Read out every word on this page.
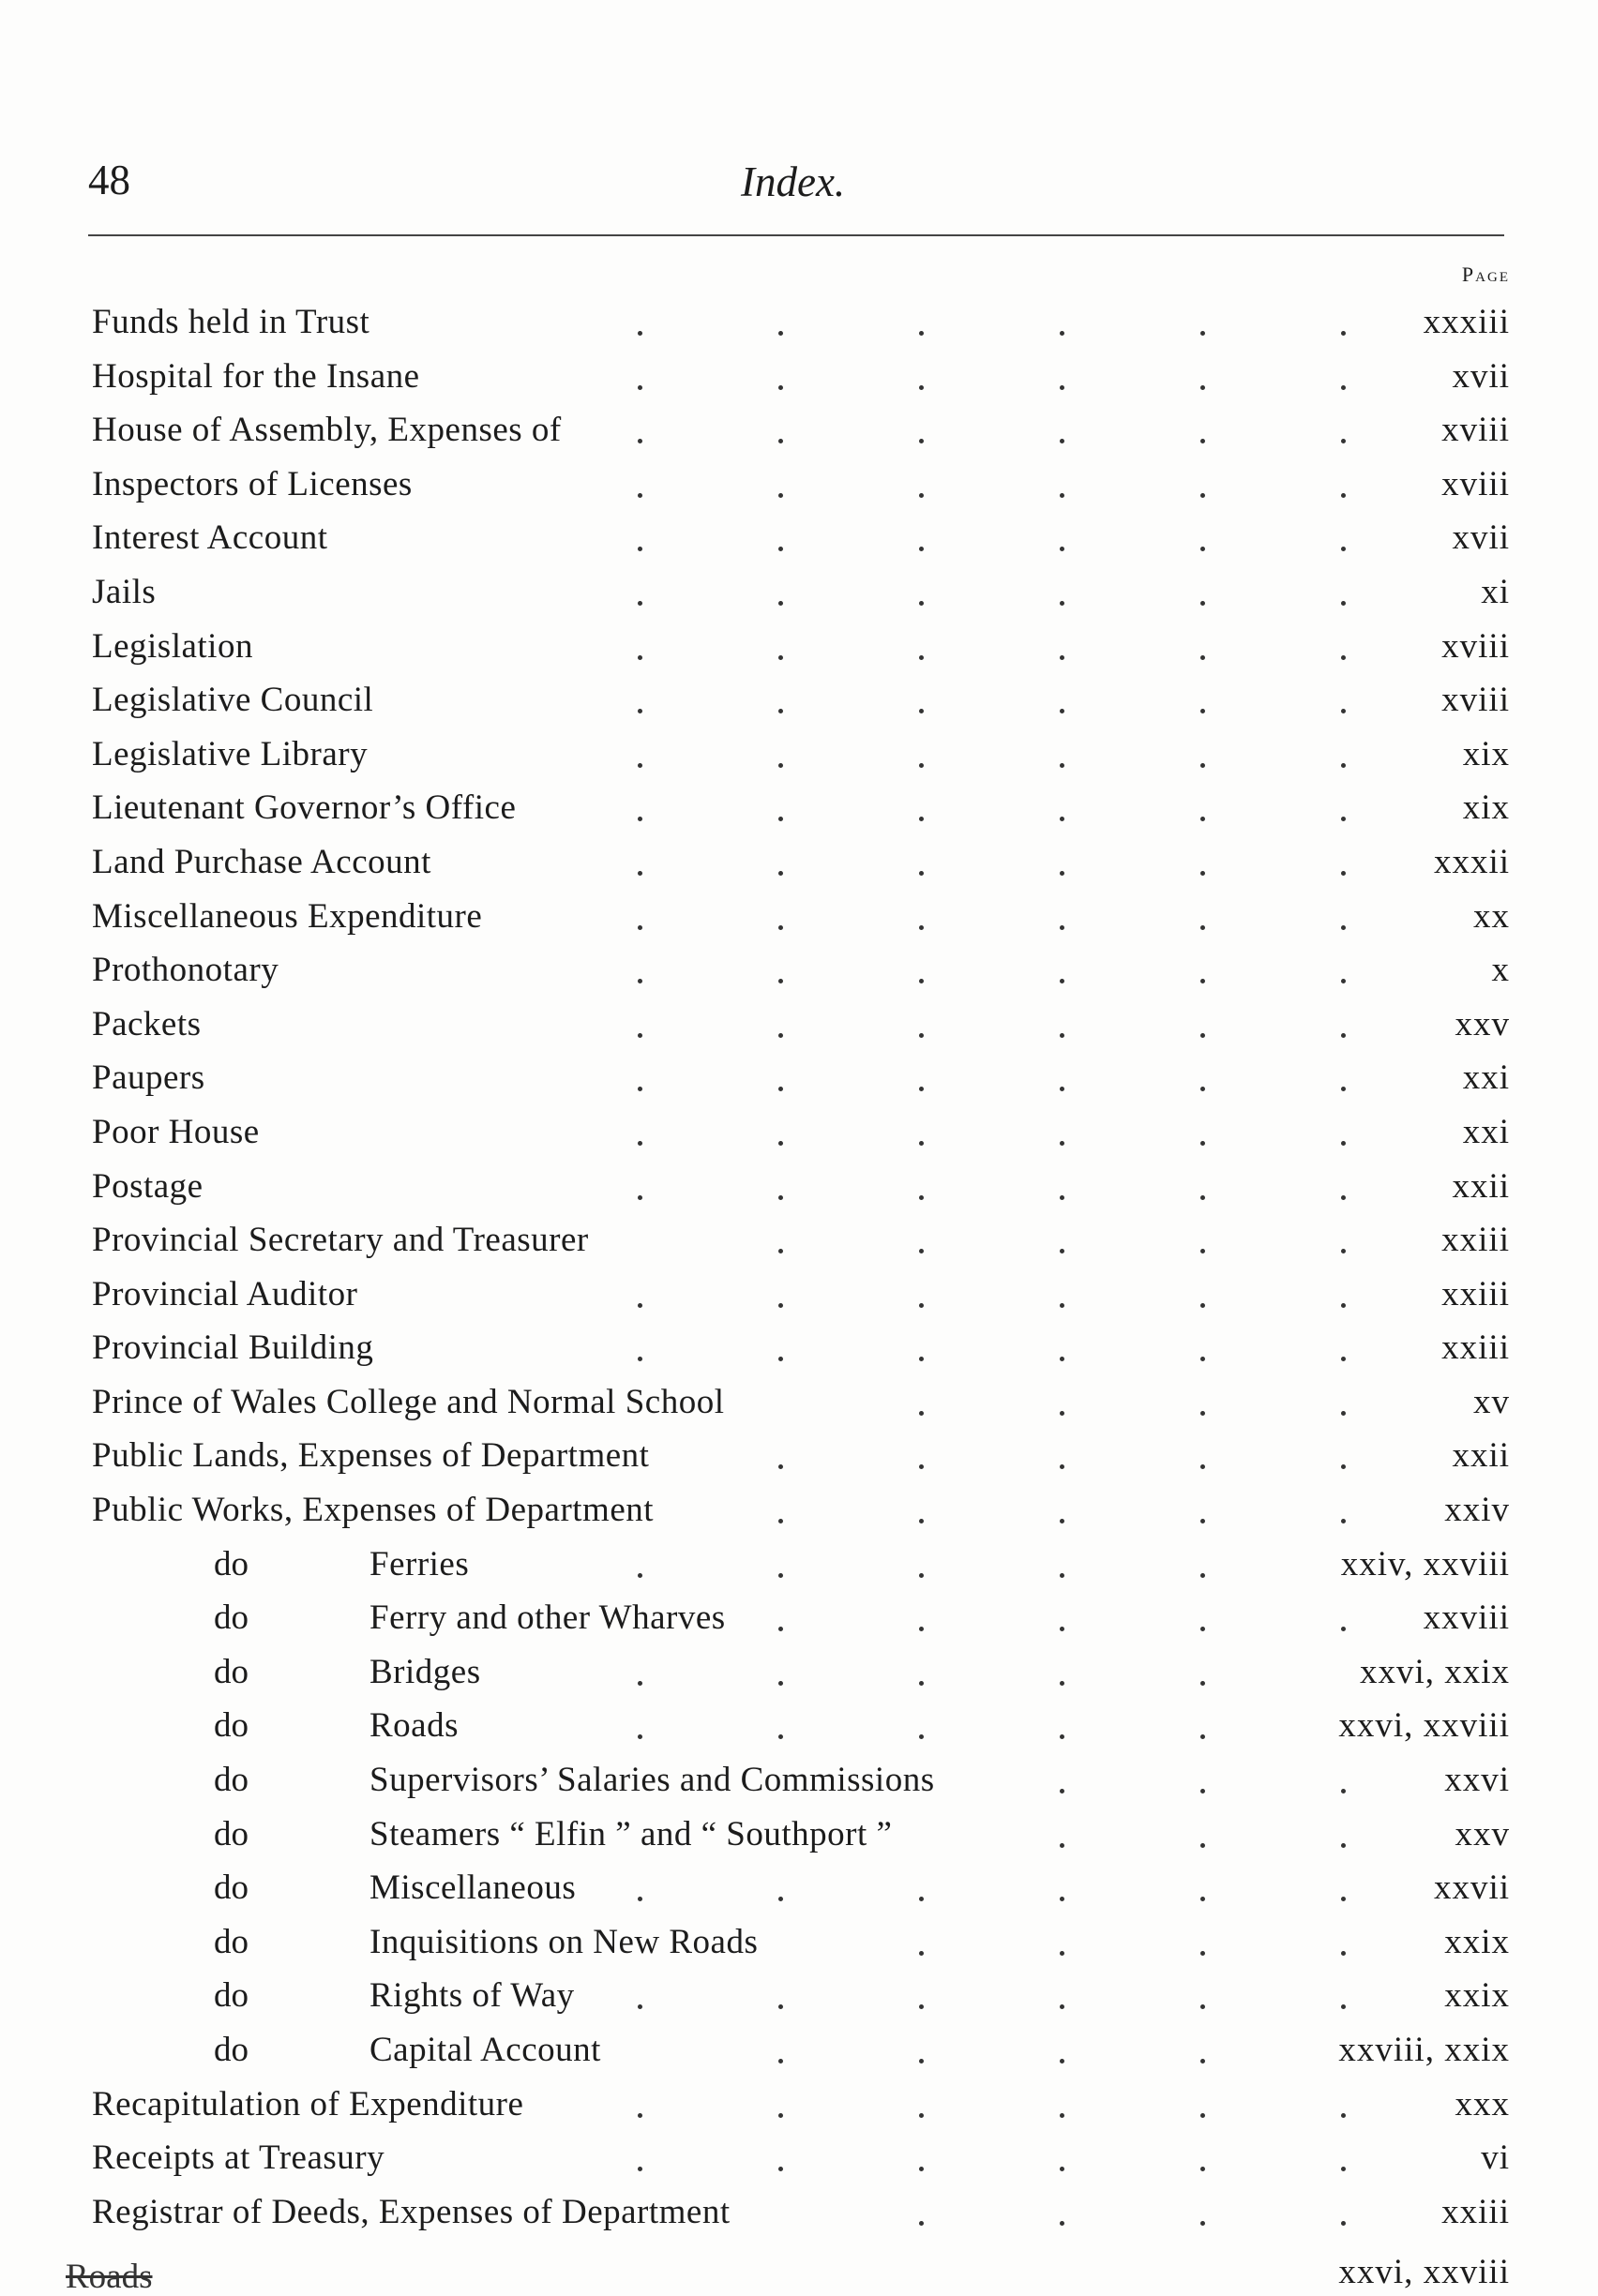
48	Index.
Page
Funds held in Trust	xxxiii
Hospital for the Insane	xvii
House of Assembly, Expenses of	xviii
Inspectors of Licenses	xviii
Interest Account	xvii
Jails	xi
Legislation	xviii
Legislative Council	xviii
Legislative Library	xix
Lieutenant Governor’s Office	xix
Land Purchase Account	xxxii
Miscellaneous Expenditure	xx
Prothonotary	x
Packets	xxv
Paupers	xxi
Poor House	xxi
Postage	xxii
Provincial Secretary and Treasurer	xxiii
Provincial Auditor	xxiii
Provincial Building	xxiii
Prince of Wales College and Normal School	xv
Public Lands, Expenses of Department	xxii
Public Works, Expenses of Department	xxiv
do	Ferries	xxiv, xxviii
do	Ferry and other Wharves	xxviii
do	Bridges	xxvi, xxix
do	Roads	xxvi, xxviii
do	Supervisors’ Salaries and Commissions	xxvi
do	Steamers “ Elfin ” and “ Southport ”	xxv
do	Miscellaneous	xxvii
do	Inquisitions on New Roads	xxix
do	Rights of Way	xxix
do	Capital Account	xxviii, xxix
Recapitulation of Expenditure	xxx
Receipts at Treasury	vi
Registrar of Deeds, Expenses of Department	xxiii
Roads	xxvi, xxviii
